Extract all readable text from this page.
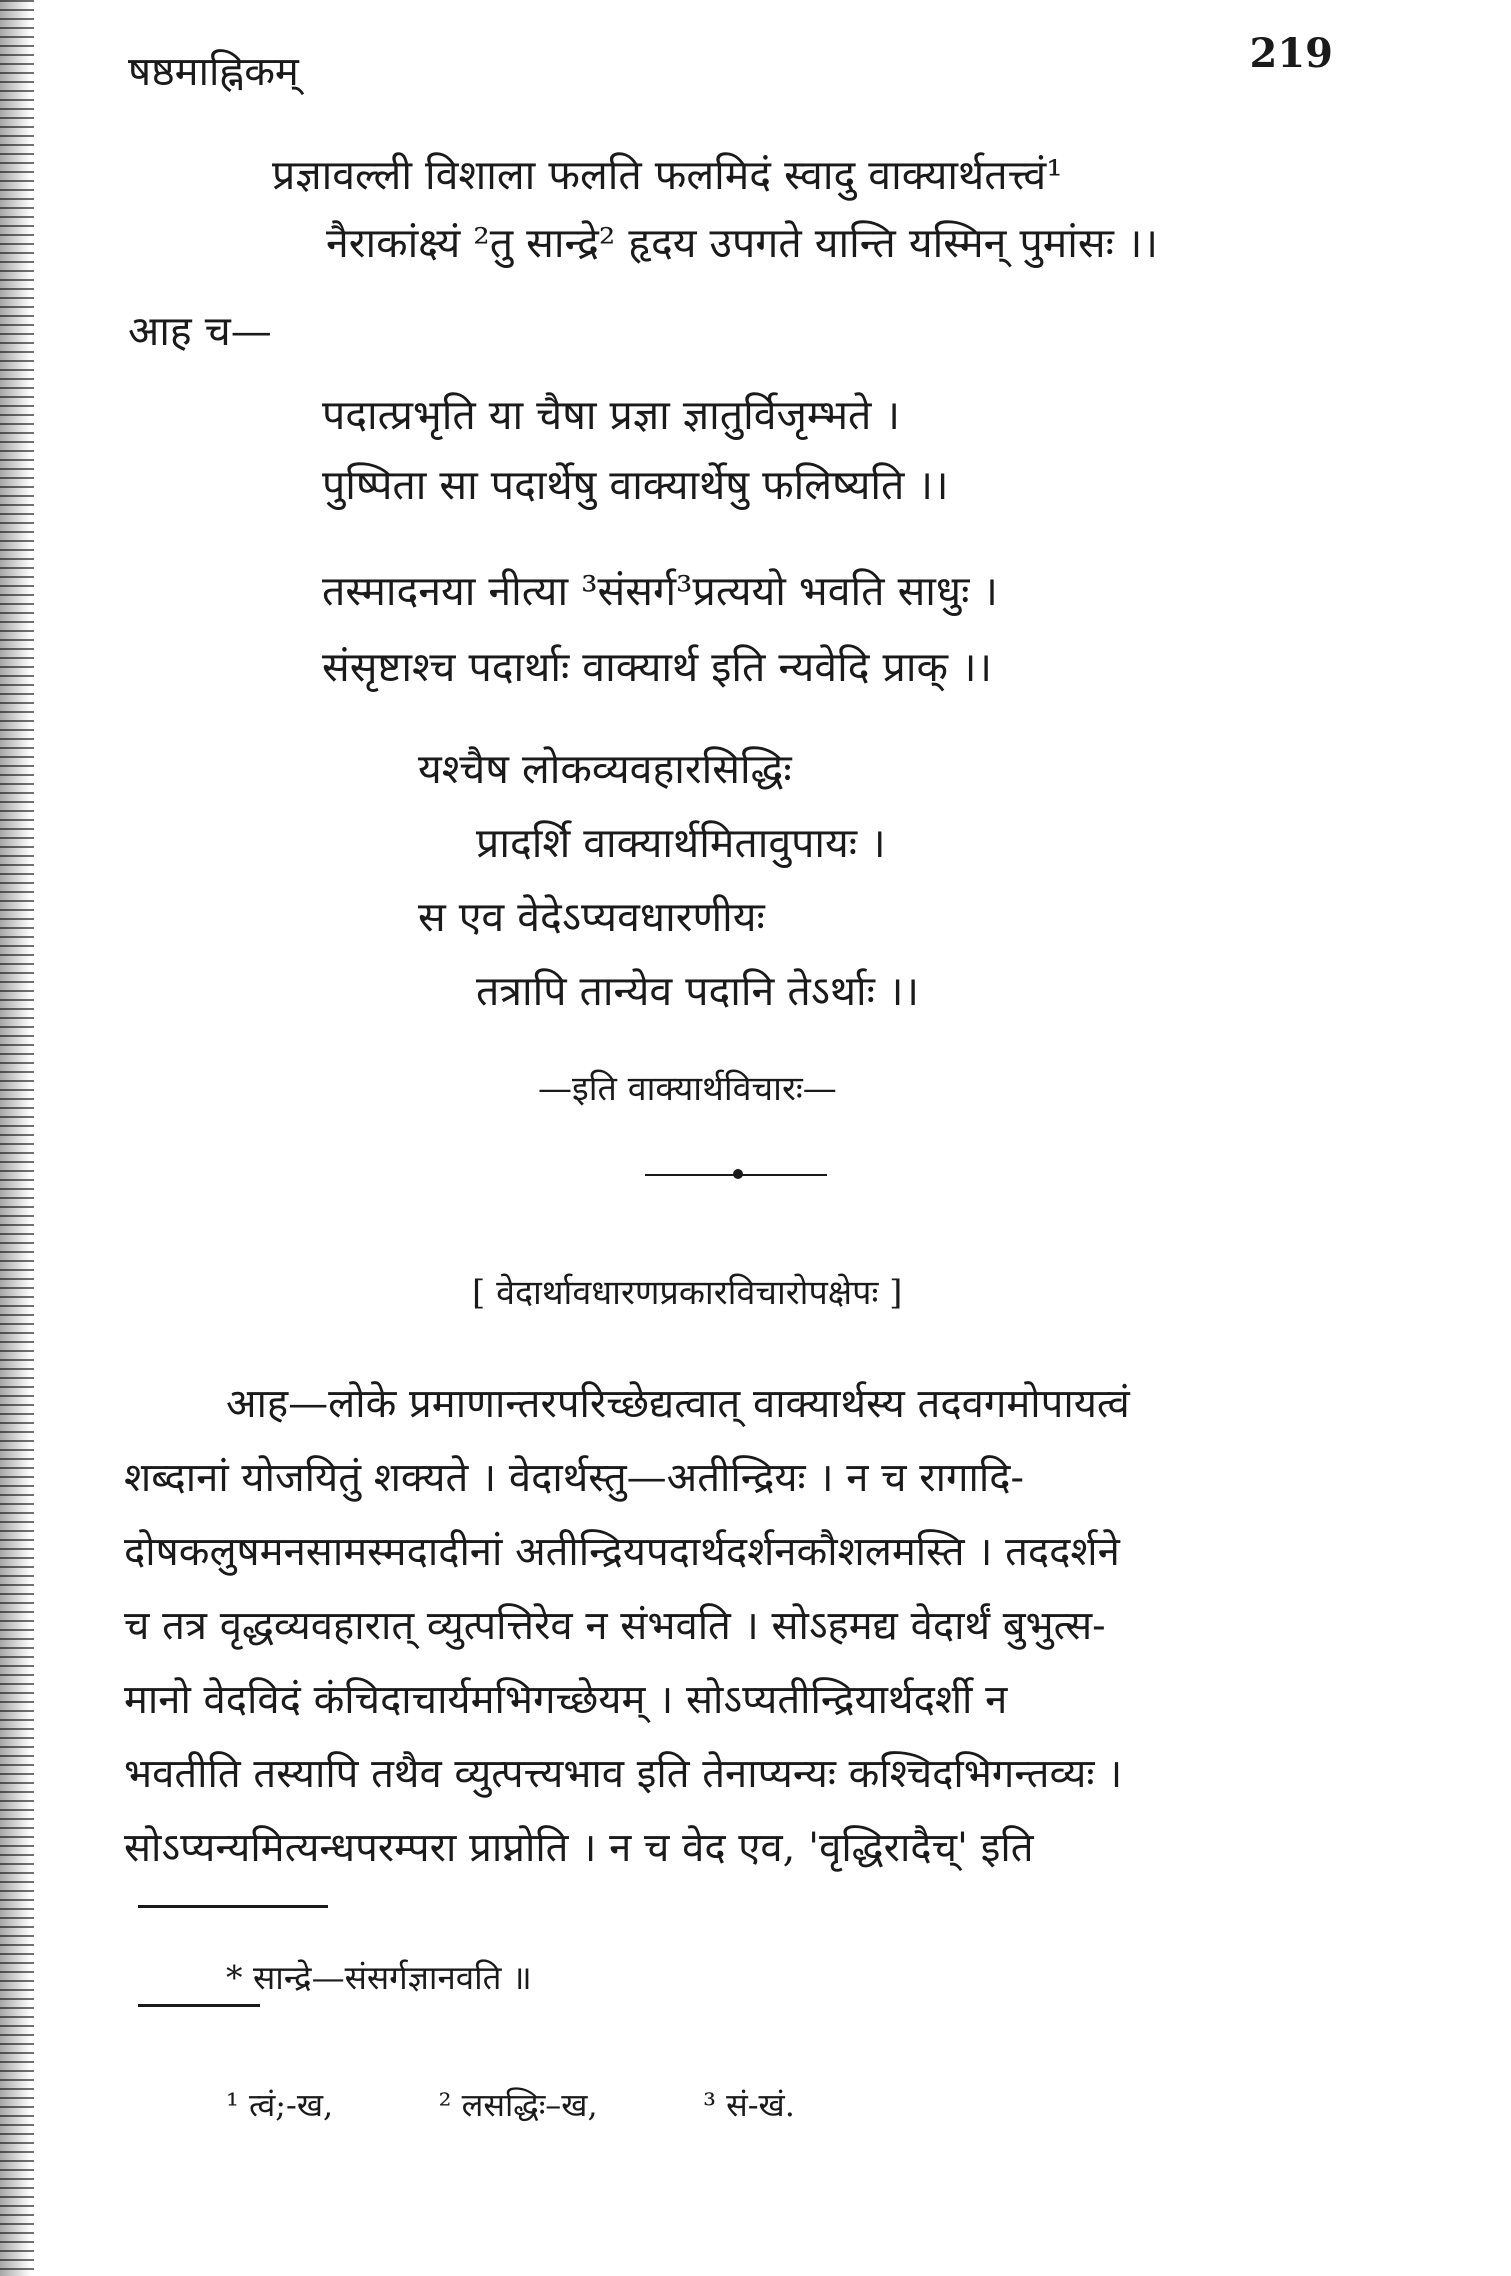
षष्ठमाह्निकम्	219
प्रज्ञावल्ली विशाला फलति फलमिदं स्वादु वाक्यार्थतत्त्वं¹
नैराकांक्ष्यं ²तु सान्द्रे² हृदय उपगते यान्ति यस्मिन् पुमांसः ।।
आह च—
पदात्प्रभृति या चैषा प्रज्ञा ज्ञातुर्विजृम्भते ।
पुष्पिता सा पदार्थेषु वाक्यार्थेषु फलिष्यति ।।
तस्मादनया नीत्या ³संसर्ग³प्रत्ययो भवति साधुः ।
संसृष्टाश्च पदार्थाः वाक्यार्थ इति न्यवेदि प्राक् ।।
यश्चैष लोकव्यवहारसिद्धिः
प्रादर्शि वाक्यार्थमितावुपायः ।
स एव वेदेऽप्यवधारणीयः
तत्रापि तान्येव पदानि तेऽर्थाः ।।
—इति वाक्यार्थविचारः—
[ वेदार्थावधारणप्रकारविचारोपक्षेपः ]
आह—लोके प्रमाणान्तरपरिच्छेद्यत्वात् वाक्यार्थस्य तदवगमोपायत्वं
शब्दानां योजयितुं शक्यते । वेदार्थस्तु—अतीन्द्रियः । न च रागादि-
दोषकलुषमनसामस्मदादीनां अतीन्द्रियपदार्थदर्शनकौशलमस्ति । तददर्शने
च तत्र वृद्धव्यवहारात् व्युत्पत्तिरेव न संभवति । सोऽहमद्य वेदार्थं बुभुत्स-
मानो वेदविदं कंचिदाचार्यमभिगच्छेयम् । सोऽप्यतीन्द्रियार्थदर्शी न
भवतीति तस्यापि तथैव व्युत्पत्त्यभाव इति तेनाप्यन्यः कश्चिदभिगन्तव्यः ।
सोऽप्यन्यमित्यन्धपरम्परा प्राप्नोति । न च वेद एव, 'वृद्धिरादैच्' इति
* सान्द्रे—संसर्गज्ञानवति ॥
¹ त्वं;-ख,	² लसद्धिः–ख,	³ सं-खं.
